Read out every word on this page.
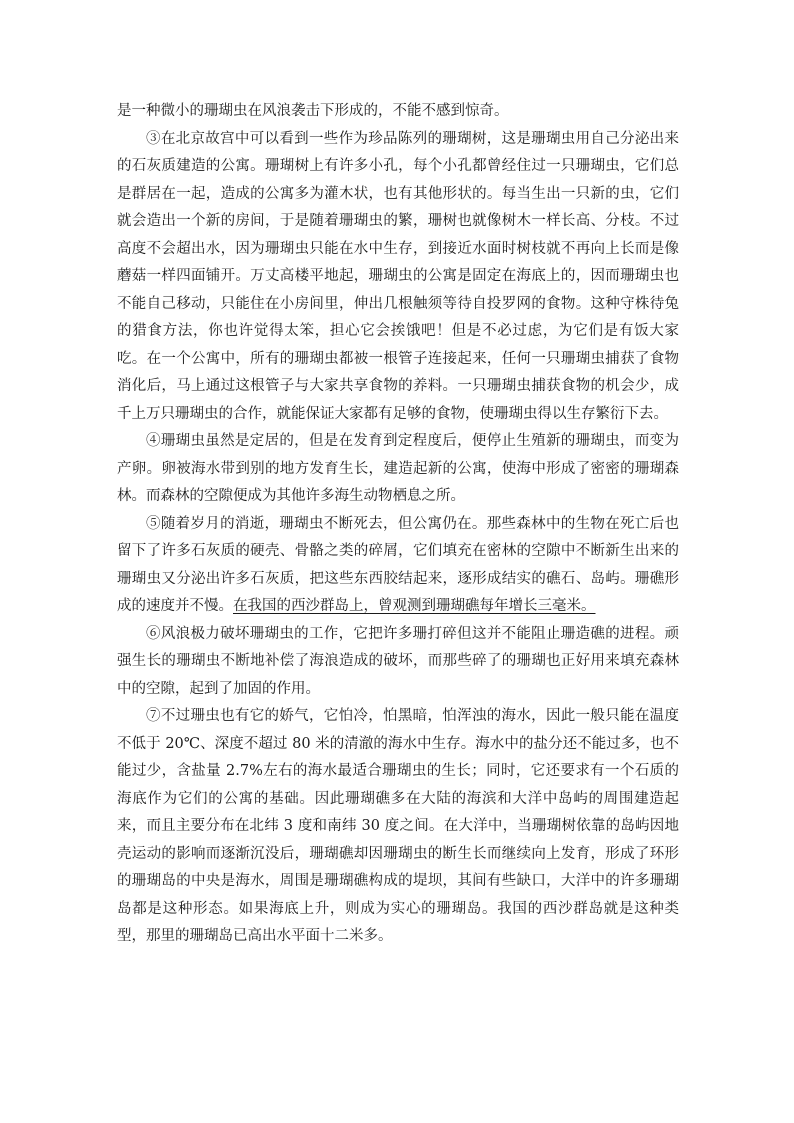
是一种微小的珊瑚虫在风浪袭击下形成的，不能不感到惊奇。

③在北京故宫中可以看到一些作为珍品陈列的珊瑚树，这是珊瑚虫用自己分泌出来的石灰质建造的公寓。珊瑚树上有许多小孔，每个小孔都曾经住过一只珊瑚虫，它们总是群居在一起，造成的公寓多为灌木状，也有其他形状的。每当生出一只新的虫，它们就会造出一个新的房间，于是随着珊瑚虫的繁，珊树也就像树木一样长高、分枝。不过高度不会超出水，因为珊瑚虫只能在水中生存，到接近水面时树枝就不再向上长而是像蘑菇一样四面铺开。万丈高楼平地起，珊瑚虫的公寓是固定在海底上的，因而珊瑚虫也不能自己移动，只能住在小房间里，伸出几根触须等待自投罗网的食物。这种守株待兔的猎食方法，你也许觉得太笨，担心它会挨饿吧！但是不必过虑，为它们是有饭大家吃。在一个公寓中，所有的珊瑚虫都被一根管子连接起来，任何一只珊瑚虫捕获了食物消化后，马上通过这根管子与大家共享食物的养料。一只珊瑚虫捕获食物的机会少，成千上万只珊瑚虫的合作，就能保证大家都有足够的食物，使珊瑚虫得以生存繁衍下去。

④珊瑚虫虽然是定居的，但是在发育到定程度后，便停止生殖新的珊瑚虫，而变为产卵。卵被海水带到别的地方发育生长，建造起新的公寓，使海中形成了密密的珊瑚森林。而森林的空隙便成为其他许多海生动物栖息之所。

⑤随着岁月的消逝，珊瑚虫不断死去，但公寓仍在。那些森林中的生物在死亡后也留下了许多石灰质的硬壳、骨骼之类的碎屑，它们填充在密林的空隙中不断新生出来的珊瑚虫又分泌出许多石灰质，把这些东西胶结起来，逐形成结实的礁石、岛屿。珊礁形成的速度并不慢。在我国的西沙群岛上，曾观测到珊瑚礁每年增长三毫米。

⑥风浪极力破坏珊瑚虫的工作，它把许多珊打碎但这并不能阻止珊造礁的进程。顽强生长的珊瑚虫不断地补偿了海浪造成的破坏，而那些碎了的珊瑚也正好用来填充森林中的空隙，起到了加固的作用。

⑦不过珊虫也有它的娇气，它怕冷，怕黑暗，怕浑浊的海水，因此一般只能在温度不低于 20℃、深度不超过 80 米的清澈的海水中生存。海水中的盐分还不能过多，也不能过少，含盐量 2.7%左右的海水最适合珊瑚虫的生长；同时，它还要求有一个石质的海底作为它们的公寓的基础。因此珊瑚礁多在大陆的海滨和大洋中岛屿的周围建造起来，而且主要分布在北纬 3 度和南纬 30 度之间。在大洋中，当珊瑚树依靠的岛屿因地壳运动的影响而逐渐沉没后，珊瑚礁却因珊瑚虫的断生长而继续向上发育，形成了环形的珊瑚岛的中央是海水，周围是珊瑚礁构成的堤坝，其间有些缺口，大洋中的许多珊瑚岛都是这种形态。如果海底上升，则成为实心的珊瑚岛。我国的西沙群岛就是这种类型，那里的珊瑚岛已高出水平面十二米多。
